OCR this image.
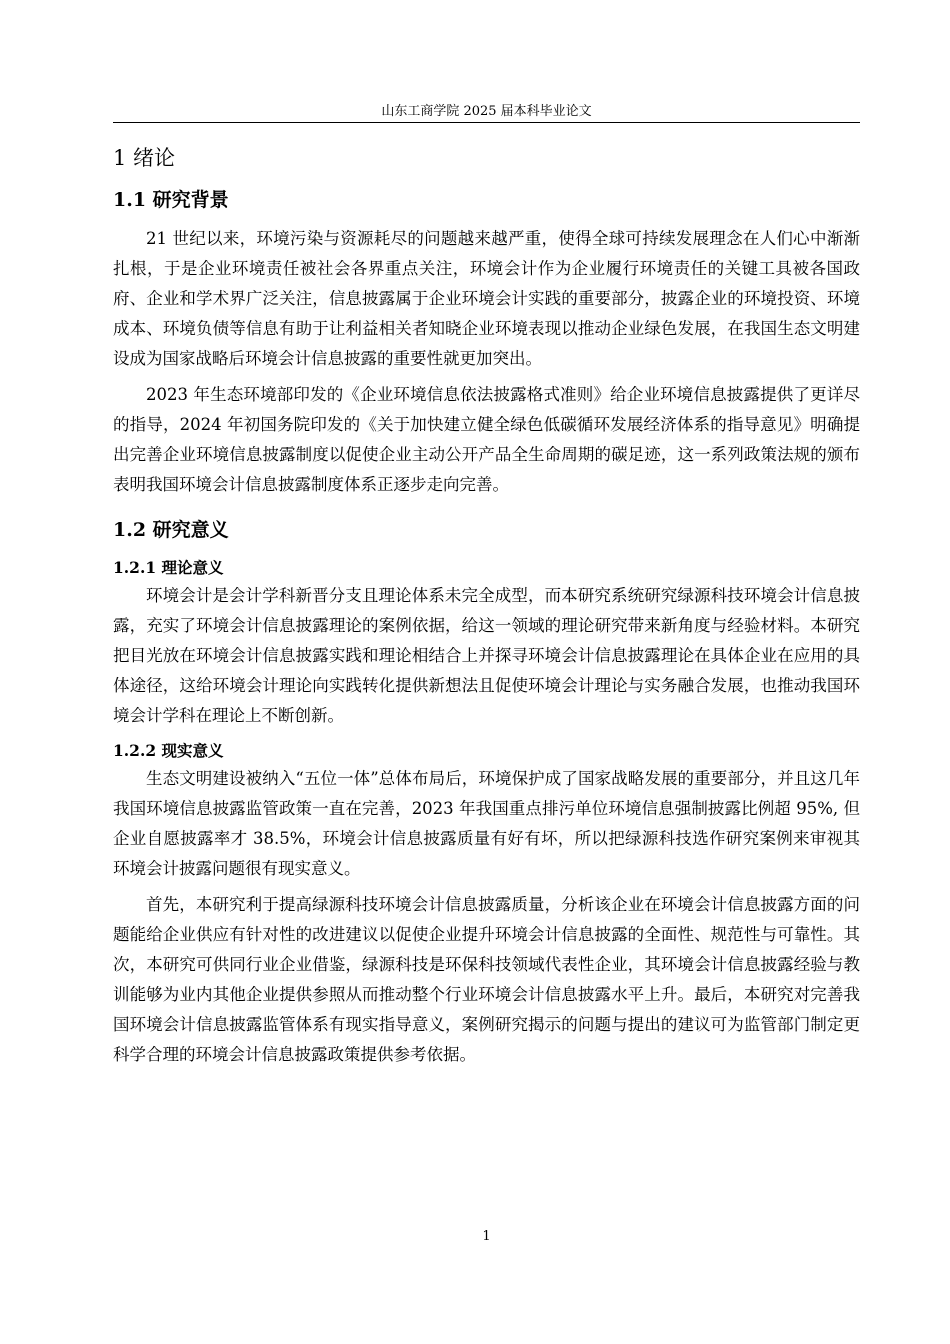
山东工商学院 2025 届本科毕业论文
1 绪论
1.1 研究背景

21 世纪以来，环境污染与资源耗尽的问题越来越严重，使得全球可持续发展理念在人们心中渐渐扎根，于是企业环境责任被社会各界重点关注，环境会计作为企业履行环境责任的关键工具被各国政府、企业和学术界广泛关注，信息披露属于企业环境会计实践的重要部分，披露企业的环境投资、环境成本、环境负债等信息有助于让利益相关者知晓企业环境表现以推动企业绿色发展，在我国生态文明建设成为国家战略后环境会计信息披露的重要性就更加突出。

2023 年生态环境部印发的《企业环境信息依法披露格式准则》给企业环境信息披露提供了更详尽的指导，2024 年初国务院印发的《关于加快建立健全绿色低碳循环发展经济体系的指导意见》明确提出完善企业环境信息披露制度以促使企业主动公开产品全生命周期的碳足迹，这一系列政策法规的颁布表明我国环境会计信息披露制度体系正逐步走向完善。

1.2 研究意义
1.2.1 理论意义

环境会计是会计学科新晋分支且理论体系未完全成型，而本研究系统研究绿源科技环境会计信息披露，充实了环境会计信息披露理论的案例依据，给这一领域的理论研究带来新角度与经验材料。本研究把目光放在环境会计信息披露实践和理论相结合上并探寻环境会计信息披露理论在具体企业在应用的具体途径，这给环境会计理论向实践转化提供新想法且促使环境会计理论与实务融合发展，也推动我国环境会计学科在理论上不断创新。

1.2.2 现实意义

生态文明建设被纳入“五位一体”总体布局后，环境保护成了国家战略发展的重要部分，并且这几年我国环境信息披露监管政策一直在完善，2023 年我国重点排污单位环境信息强制披露比例超 95%, 但企业自愿披露率才 38.5%，环境会计信息披露质量有好有坏，所以把绿源科技选作研究案例来审视其环境会计披露问题很有现实意义。

首先，本研究利于提高绿源科技环境会计信息披露质量，分析该企业在环境会计信息披露方面的问题能给企业供应有针对性的改进建议以促使企业提升环境会计信息披露的全面性、规范性与可靠性。其次，本研究可供同行业企业借鉴，绿源科技是环保科技领域代表性企业，其环境会计信息披露经验与教训能够为业内其他企业提供参照从而推动整个行业环境会计信息披露水平上升。最后，本研究对完善我国环境会计信息披露监管体系有现实指导意义，案例研究揭示的问题与提出的建议可为监管部门制定更科学合理的环境会计信息披露政策提供参考依据。

1
